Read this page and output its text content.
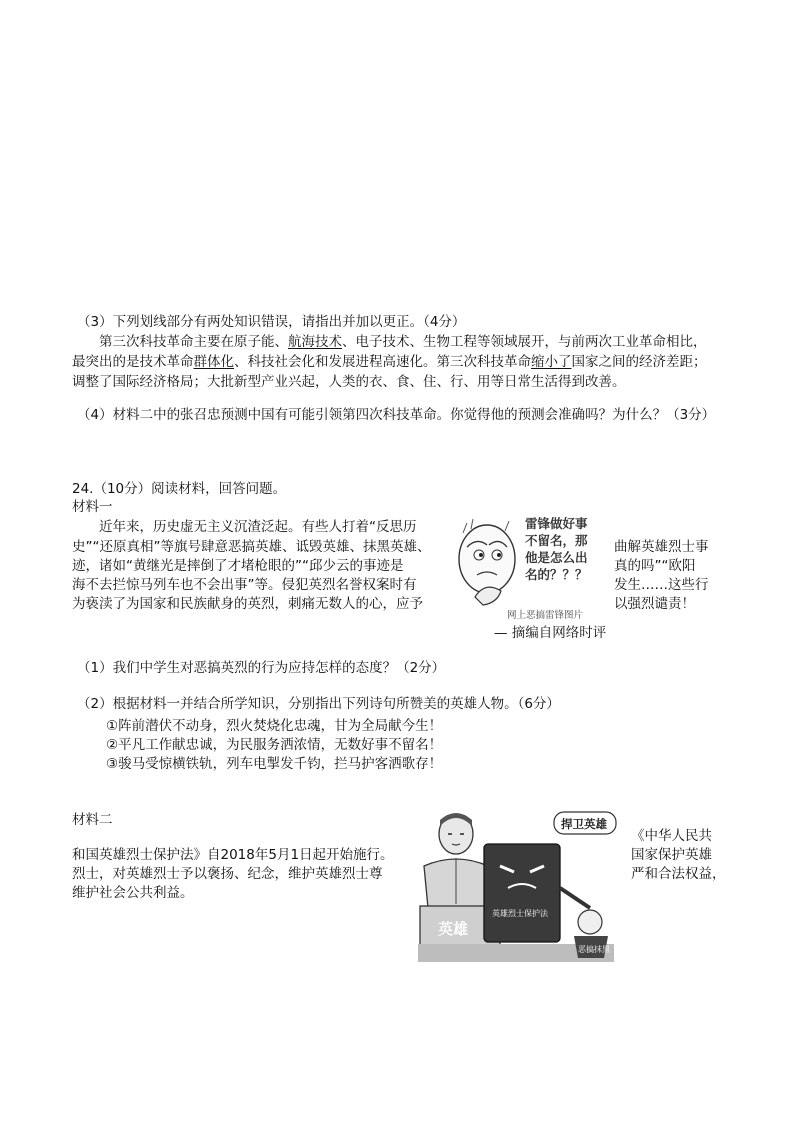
（3）下列划线部分有两处知识错误，请指出并加以更正。（4分）
第三次科技革命主要在原子能、航海技术、电子技术、生物工程等领域展开，与前两次工业革命相比，
最突出的是技术革命群体化、科技社会化和发展进程高速化。第三次科技革命缩小了国家之间的经济差距；
调整了国际经济格局；大批新型产业兴起，人类的衣、食、住、行、用等日常生活得到改善。
（4）材料二中的张召忠预测中国有可能引领第四次科技革命。你觉得他的预测会准确吗？为什么？（3分）
24.（10分）阅读材料，回答问题。
材料一
近年来，历史虚无主义沉渣泛起。有些人打着“反思历
史”“还原真相”等旗号肆意恶搞英雄、诋毁英雄、抹黑英雄、
迹，诸如“黄继光是摔倒了才堵枪眼的”“邱少云的事迹是
海不去拦惊马列车也不会出事”等。侵犯英烈名誉权案时有
为亵渎了为国家和民族献身的英烈，刺痛无数人的心，应予
曲解英雄烈士事
真的吗”“欧阳
发生……这些行
以强烈谴责！
雷锋做好事
不留名，那
他是怎么出
名的？？？
网上恶搞雷锋图片
— 摘编自网络时评
（1）我们中学生对恶搞英烈的行为应持怎样的态度？（2分）
（2）根据材料一并结合所学知识，分别指出下列诗句所赞美的英雄人物。（6分）
①阵前潜伏不动身，烈火焚烧化忠魂，甘为全局献今生！
②平凡工作献忠诚，为民服务洒浓情，无数好事不留名！
③骏马受惊横铁轨，列车电掣发千钧，拦马护客洒歌存！
材料二
和国英雄烈士保护法》自2018年5月1日起开始施行。
烈士，对英雄烈士予以褒扬、纪念，维护英雄烈士尊
维护社会公共利益。
《中华人民共
国家保护英雄
严和合法权益，
英雄
捍卫英雄
英雄烈士保护法
恶搞抹黑
